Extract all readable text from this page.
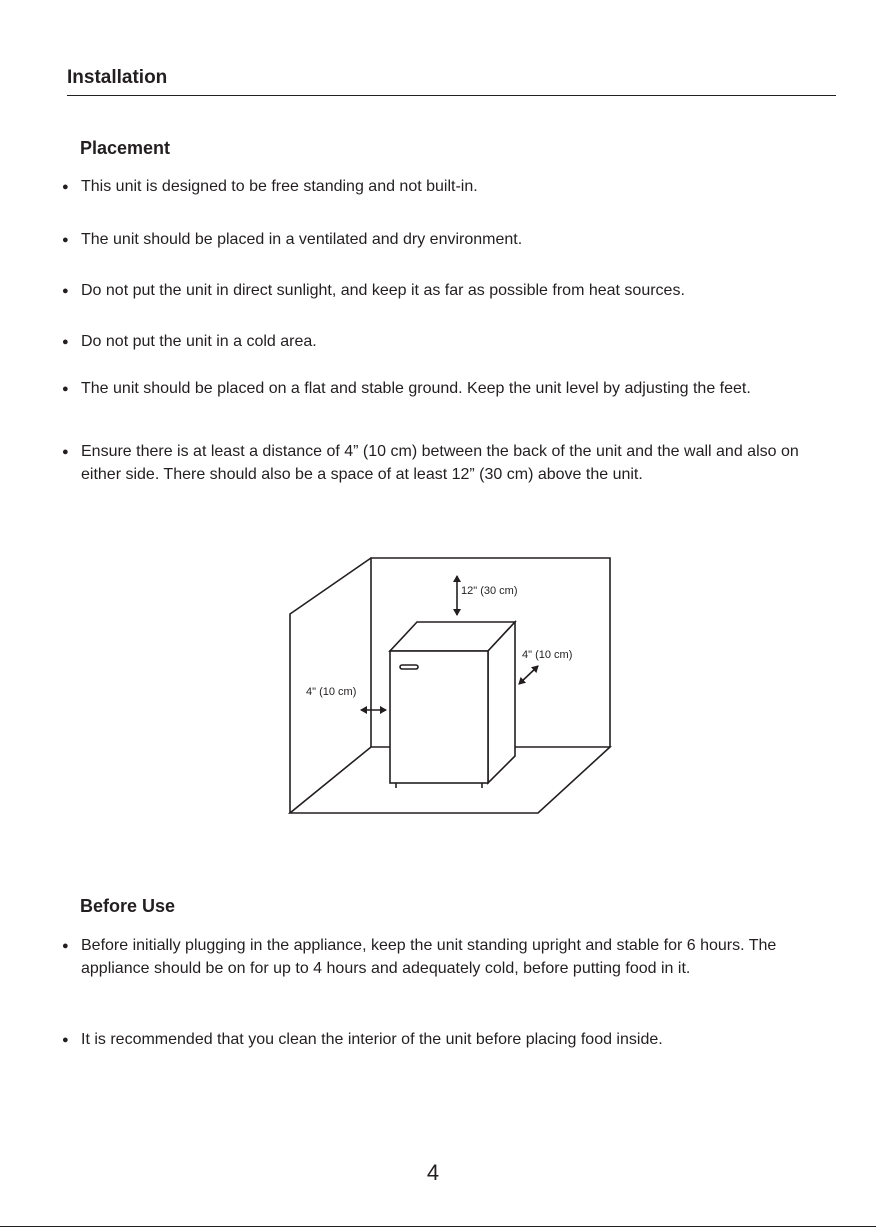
Installation
Placement
● This unit is designed to be free standing and not built-in.
● The unit should be placed in a ventilated and dry environment.
● Do not put the unit in direct sunlight, and keep it as far as possible from heat sources.
● Do not put the unit in a cold area.
● The unit should be placed on a flat and stable ground. Keep the unit level by adjusting the feet.
● Ensure there is at least a distance of 4” (10 cm) between the back of the unit and the wall and also on either side. There should also be a space of at least 12” (30 cm) above the unit.
12" (30 cm)
4" (10 cm)
4" (10 cm)
Before Use
● Before initially plugging in the appliance, keep the unit standing upright and stable for 6 hours. The appliance should be on for up to 4 hours and adequately cold, before putting food in it.
● It is recommended that you clean the interior of the unit before placing food inside.
4
